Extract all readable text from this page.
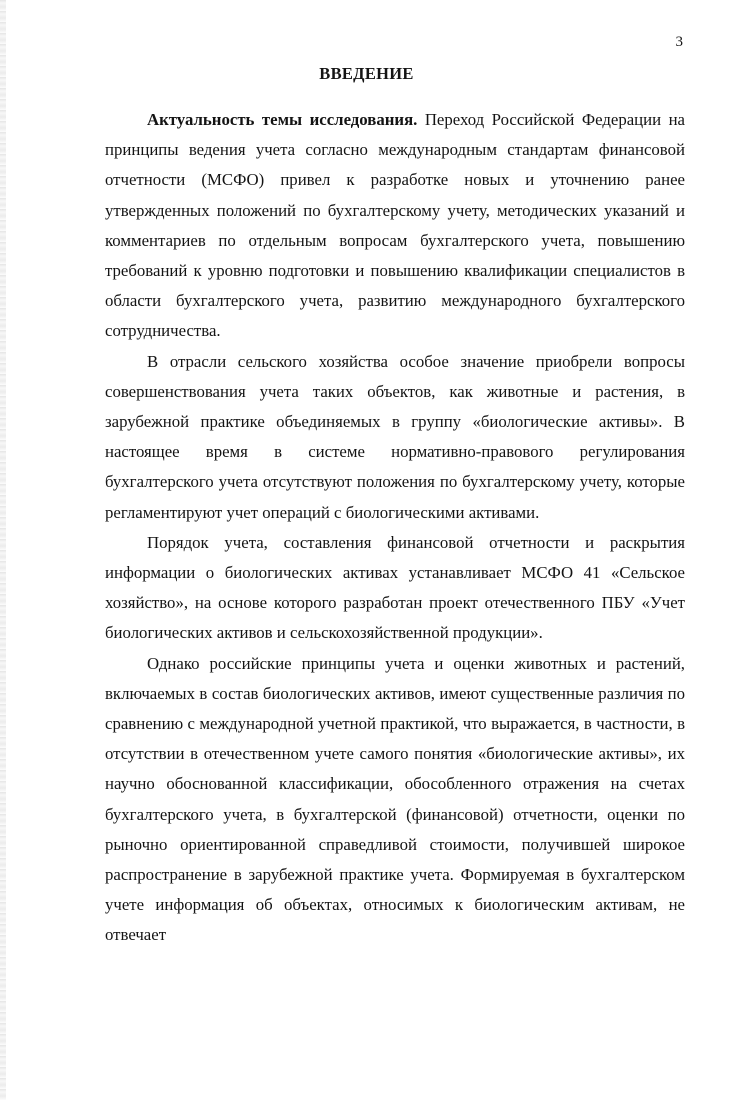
3

ВВЕДЕНИЕ

Актуальность темы исследования. Переход Российской Федерации на принципы ведения учета согласно международным стандартам финансовой отчетности (МСФО) привел к разработке новых и уточнению ранее утвержденных положений по бухгалтерскому учету, методических указаний и комментариев по отдельным вопросам бухгалтерского учета, повышению требований к уровню подготовки и повышению квалификации специалистов в области бухгалтерского учета, развитию международного бухгалтерского сотрудничества.

В отрасли сельского хозяйства особое значение приобрели вопросы совершенствования учета таких объектов, как животные и растения, в зарубежной практике объединяемых в группу «биологические активы». В настоящее время в системе нормативно-правового регулирования бухгалтерского учета отсутствуют положения по бухгалтерскому учету, которые регламентируют учет операций с биологическими активами.

Порядок учета, составления финансовой отчетности и раскрытия информации о биологических активах устанавливает МСФО 41 «Сельское хозяйство», на основе которого разработан проект отечественного ПБУ «Учет биологических активов и сельскохозяйственной продукции».

Однако российские принципы учета и оценки животных и растений, включаемых в состав биологических активов, имеют существенные различия по сравнению с международной учетной практикой, что выражается, в частности, в отсутствии в отечественном учете самого понятия «биологические активы», их научно обоснованной классификации, обособленного отражения на счетах бухгалтерского учета, в бухгалтерской (финансовой) отчетности, оценки по рыночно ориентированной справедливой стоимости, получившей широкое распространение в зарубежной практике учета. Формируемая в бухгалтерском учете информация об объектах, относимых к биологическим активам, не отвечает
